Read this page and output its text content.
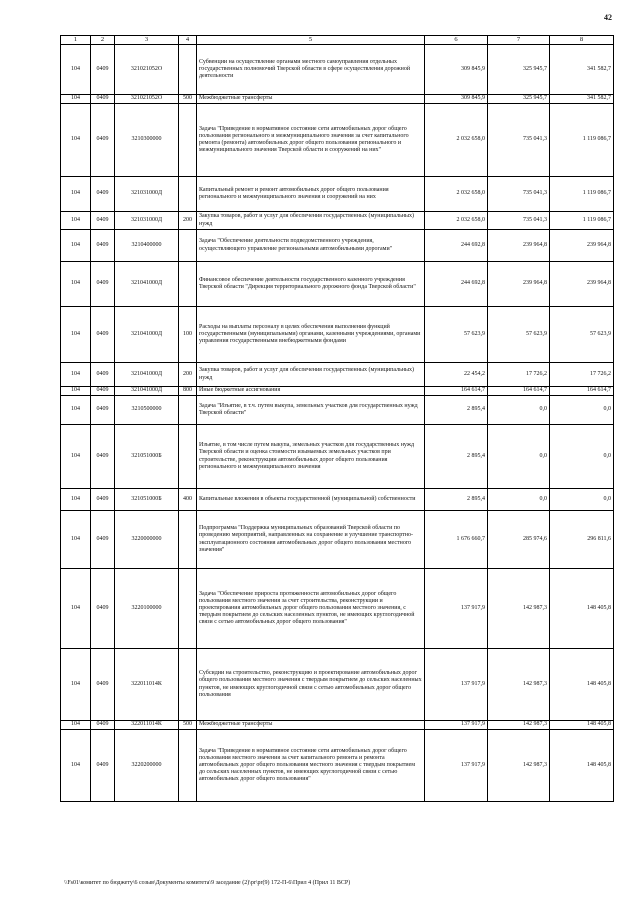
42
1	2	3	4	5	6	7	8
104	0409	321021052О		Субвенции на осуществление органами местного самоуправления отдельных государственных полномочий Тверской области в сфере осуществления дорожной деятельности	309 845,9	325 945,7	341 582,7
104	0409	321021052О	500	Межбюджетные трансферты	309 845,9	325 945,7	341 582,7
104	0409	3210300000		Задача "Приведение в нормативное состояние сети автомобильных дорог общего пользования регионального и межмуниципального значения за счет капитального ремонта (ремонта) автомобильных дорог общего пользования регионального и межмуниципального значения Тверской области и сооружений на них"	2 032 658,0	735 041,3	1 119 086,7
104	0409	321031000Д		Капитальный ремонт и ремонт автомобильных дорог общего пользования регионального и межмуниципального значения и сооружений на них	2 032 658,0	735 041,3	1 119 086,7
104	0409	321031000Д	200	Закупка товаров, работ и услуг для обеспечения государственных (муниципальных) нужд	2 032 658,0	735 041,3	1 119 086,7
104	0409	3210400000		Задача "Обеспечение деятельности подведомственного учреждения, осуществляющего управление региональными автомобильными дорогами"	244 692,8	239 964,8	239 964,8
104	0409	321041000Д		Финансовое обеспечение деятельности государственного казенного учреждения Тверской области "Дирекция территориального дорожного фонда Тверской области"	244 692,8	239 964,8	239 964,8
104	0409	321041000Д	100	Расходы на выплаты персоналу в целях обеспечения выполнения функций государственными (муниципальными) органами, казенными учреждениями, органами управления государственными внебюджетными фондами	57 623,9	57 623,9	57 623,9
104	0409	321041000Д	200	Закупка товаров, работ и услуг для обеспечения государственных (муниципальных) нужд	22 454,2	17 726,2	17 726,2
104	0409	321041000Д	800	Иные бюджетные ассигнования	164 614,7	164 614,7	164 614,7
104	0409	3210500000		Задача "Изъятие, в т.ч. путем выкупа, земельных участков для государственных нужд Тверской области"	2 895,4	0,0	0,0
104	0409	321051000Б		Изъятие, в том числе путем выкупа, земельных участков для государственных нужд Тверской области и оценка стоимости изымаемых земельных участков при строительстве, реконструкции автомобильных дорог общего пользования регионального и межмуниципального значения	2 895,4	0,0	0,0
104	0409	321051000Б	400	Капитальные вложения в объекты государственной (муниципальной) собственности	2 895,4	0,0	0,0
104	0409	3220000000		Подпрограмма "Поддержка муниципальных образований Тверской области по проведению мероприятий, направленных на сохранение и улучшение транспортно-эксплуатационного состояния автомобильных дорог общего пользования местного значения"	1 676 660,7	285 974,6	296 811,6
104	0409	3220100000		Задача "Обеспечение прироста протяженности автомобильных дорог общего пользования местного значения за счет строительства, реконструкции и проектирования автомобильных дорог общего пользования местного значения, с твердым покрытием до сельских населенных пунктов, не имеющих круглогодичной связи с сетью автомобильных дорог общего пользования"	137 917,9	142 987,3	148 405,8
104	0409	322011014К		Субсидии на строительство, реконструкцию и проектирование автомобильных дорог общего пользования местного значения с твердым покрытием до сельских населенных пунктов, не имеющих круглогодичной связи с сетью автомобильных дорог общего пользования	137 917,9	142 987,3	148 405,8
104	0409	322011014К	500	Межбюджетные трансферты	137 917,9	142 987,3	148 405,8
104	0409	3220200000		Задача "Приведение в нормативное состояние сети автомобильных дорог общего пользования местного значения за счет капитального ремонта и ремонта автомобильных дорог общего пользования местного значения с твердым покрытием до сельских населенных пунктов, не имеющих круглогодичной связи с сетью автомобильных дорог общего пользования"	137 917,9	142 987,3	148 405,8
\\Fs01\комитет по бюджету\6 созыв\Документы комитета\9 заседание (2)\pr\pr(9) 172-П-6\Прил 4 (Прил 11 ВСР)
